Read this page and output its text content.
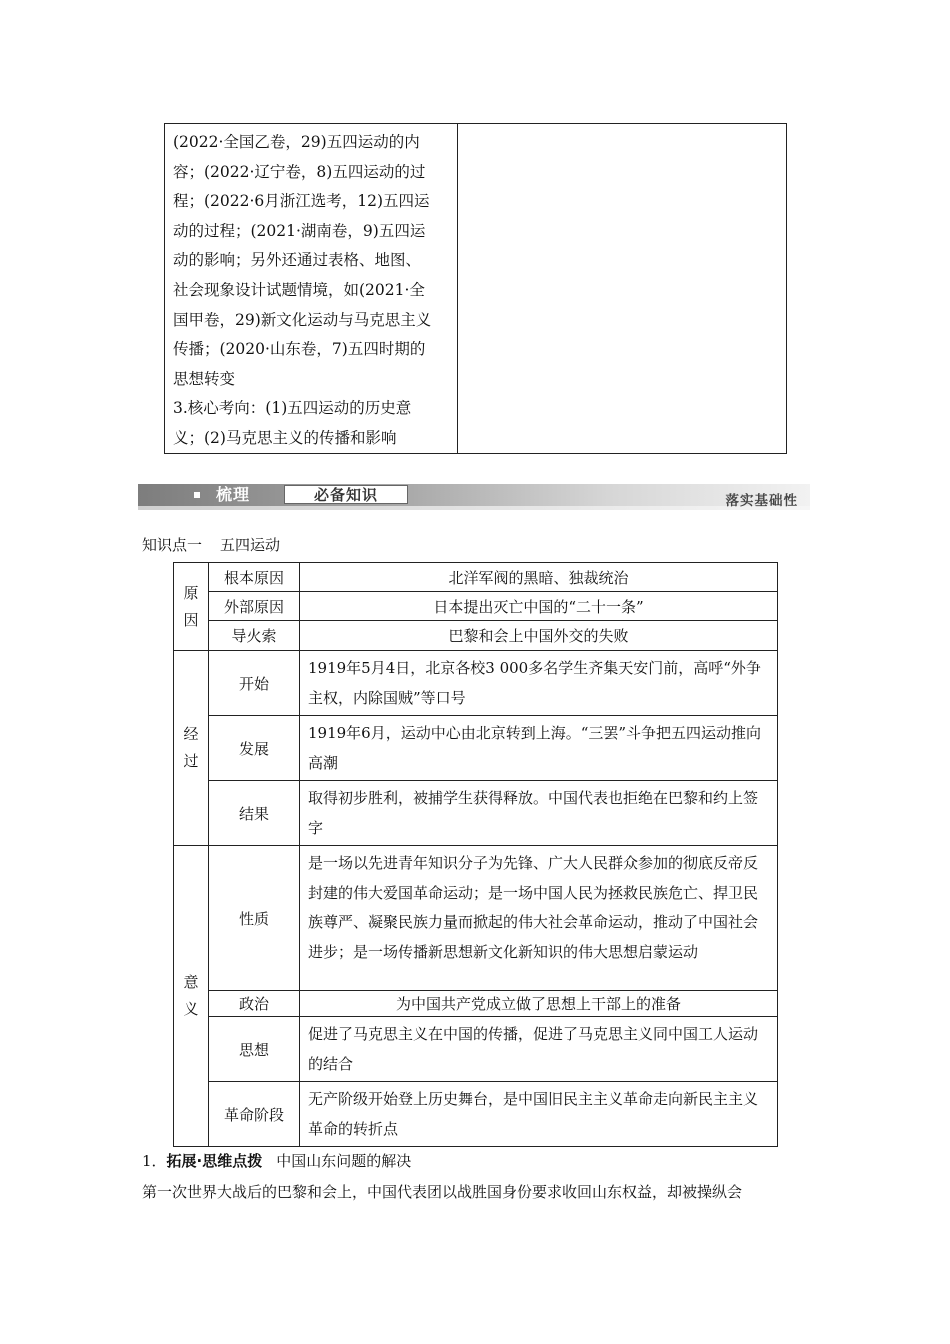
(2022·全国乙卷，29)五四运动的内
容；(2022·辽宁卷，8)五四运动的过
程；(2022·6月浙江选考，12)五四运
动的过程；(2021·湖南卷，9)五四运
动的影响；另外还通过表格、地图、
社会现象设计试题情境，如(2021·全
国甲卷，29)新文化运动与马克思主义
传播；(2020·山东卷，7)五四时期的
思想转变
3.核心考向：(1)五四运动的历史意
义；(2)马克思主义的传播和影响
梳理	必备知识	落实基础性
知识点一 五四运动
原因	根本原因	北洋军阀的黑暗、独裁统治
	外部原因	日本提出灭亡中国的“二十一条”
	导火索	巴黎和会上中国外交的失败

经过	开始	1919年5月4日，北京各校3 000多名学生齐集天安门前，高呼“外争主权，内除国贼”等口号
	发展	1919年6月，运动中心由北京转到上海。“三罢”斗争把五四运动推向高潮
	结果	取得初步胜利，被捕学生获得释放。中国代表也拒绝在巴黎和约上签字

意义	性质	是一场以先进青年知识分子为先锋、广大人民群众参加的彻底反帝反封建的伟大爱国革命运动；是一场中国人民为拯救民族危亡、捍卫民族尊严、凝聚民族力量而掀起的伟大社会革命运动，推动了中国社会进步；是一场传播新思想新文化新知识的伟大思想启蒙运动
	政治	为中国共产党成立做了思想上干部上的准备
	思想	促进了马克思主义在中国的传播，促进了马克思主义同中国工人运动的结合
	革命阶段	无产阶级开始登上历史舞台，是中国旧民主主义革命走向新民主主义革命的转折点
1．拓展·思维点拨 中国山东问题的解决
第一次世界大战后的巴黎和会上，中国代表团以战胜国身份要求收回山东权益，却被操纵会
